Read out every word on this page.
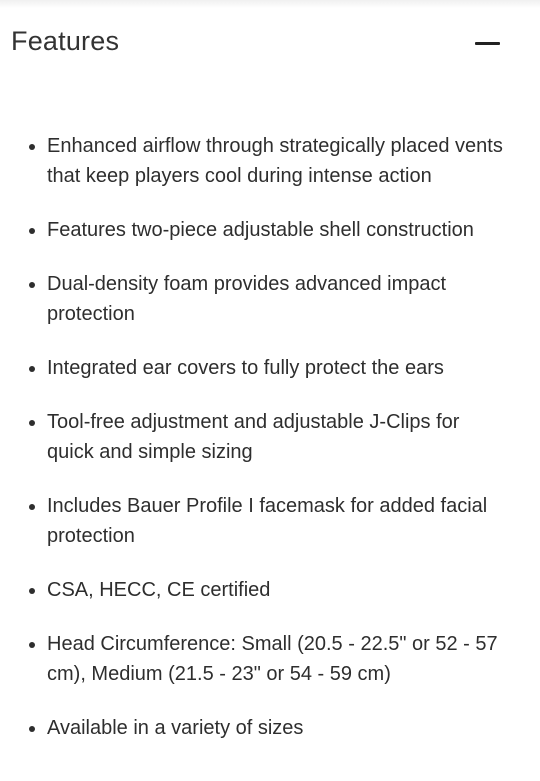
Features
Enhanced airflow through strategically placed vents that keep players cool during intense action
Features two-piece adjustable shell construction
Dual-density foam provides advanced impact protection
Integrated ear covers to fully protect the ears
Tool-free adjustment and adjustable J-Clips for quick and simple sizing
Includes Bauer Profile I facemask for added facial protection
CSA, HECC, CE certified
Head Circumference: Small (20.5 - 22.5" or 52 - 57 cm), Medium (21.5 - 23" or 54 - 59 cm)
Available in a variety of sizes
